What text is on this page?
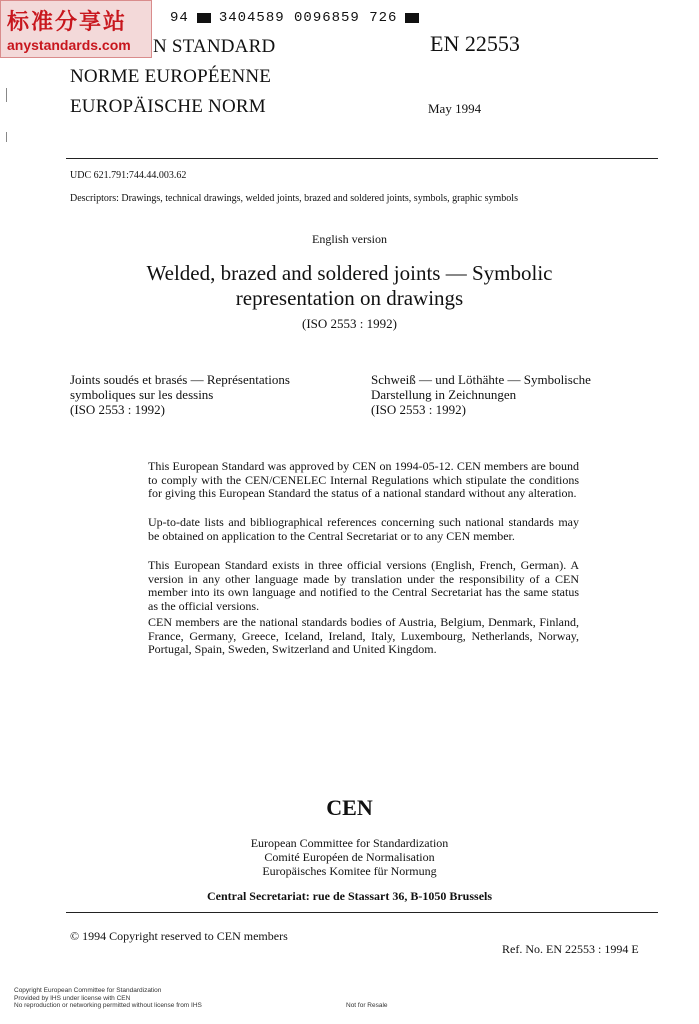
标准分享站
anystandards.com
94 3404589 0096859 726
N STANDARD
NORME EUROPÉENNE
EUROPÄISCHE NORM
EN 22553
May 1994
UDC 621.791:744.44.003.62
Descriptors: Drawings, technical drawings, welded joints, brazed and soldered joints, symbols, graphic symbols
English version
Welded, brazed and soldered joints — Symbolic
representation on drawings
(ISO 2553 : 1992)
Joints soudés et brasés — Représentations
symboliques sur les dessins
(ISO 2553 : 1992)
Schweiß — und Löthähte — Symbolische
Darstellung in Zeichnungen
(ISO 2553 : 1992)
This European Standard was approved by CEN on 1994-05-12. CEN members are bound to comply with the CEN/CENELEC Internal Regulations which stipulate the conditions for giving this European Standard the status of a national standard without any alteration.
Up-to-date lists and bibliographical references concerning such national standards may be obtained on application to the Central Secretariat or to any CEN member.
This European Standard exists in three official versions (English, French, German). A version in any other language made by translation under the responsibility of a CEN member into its own language and notified to the Central Secretariat has the same status as the official versions.
CEN members are the national standards bodies of Austria, Belgium, Denmark, Finland, France, Germany, Greece, Iceland, Ireland, Italy, Luxembourg, Netherlands, Norway, Portugal, Spain, Sweden, Switzerland and United Kingdom.
CEN
European Committee for Standardization
Comité Européen de Normalisation
Europäisches Komitee für Normung
Central Secretariat: rue de Stassart 36, B-1050 Brussels
© 1994 Copyright reserved to CEN members
Ref. No. EN 22553 : 1994 E
Copyright European Committee for Standardization
Provided by IHS under license with CEN
No reproduction or networking permitted without license from IHS	Not for Resale
